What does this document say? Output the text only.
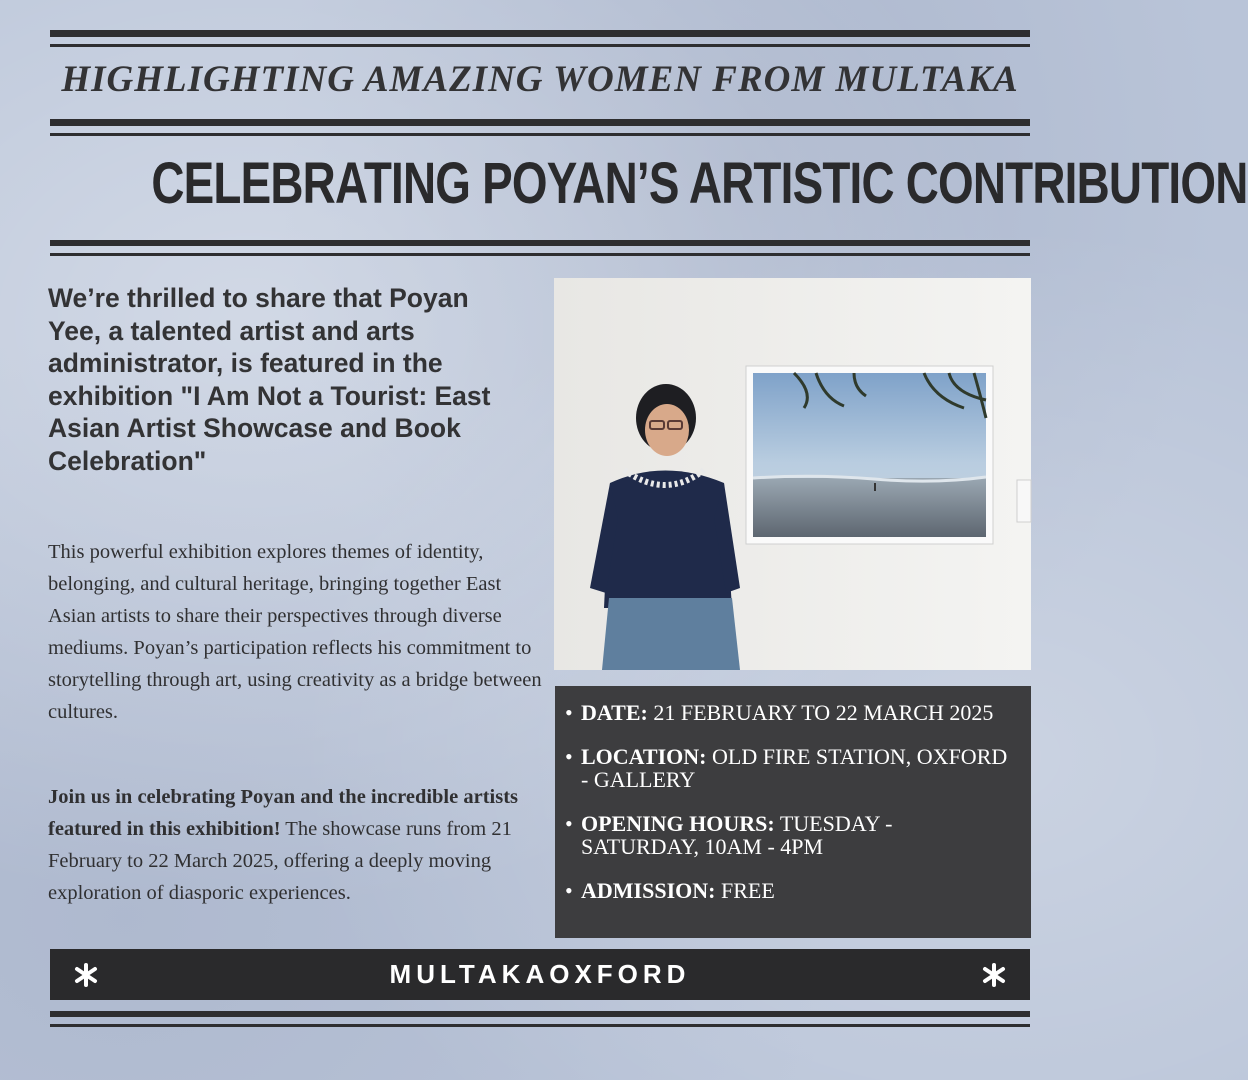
HIGHLIGHTING AMAZING WOMEN FROM MULTAKA
CELEBRATING POYAN’S ARTISTIC CONTRIBUTION
We’re thrilled to share that Poyan Yee, a talented artist and arts administrator, is featured in the exhibition "I Am Not a Tourist: East Asian Artist Showcase and Book Celebration"
This powerful exhibition explores themes of identity, belonging, and cultural heritage, bringing together East Asian artists to share their perspectives through diverse mediums. Poyan’s participation reflects his commitment to storytelling through art, using creativity as a bridge between cultures.
Join us in celebrating Poyan and the incredible artists featured in this exhibition! The showcase runs from 21 February to 22 March 2025, offering a deeply moving exploration of diasporic experiences.
• DATE: 21 FEBRUARY TO 22 MARCH 2025
• LOCATION: OLD FIRE STATION, OXFORD - GALLERY
• OPENING HOURS: TUESDAY - SATURDAY, 10AM - 4PM
• ADMISSION: FREE
MULTAKAOXFORD
